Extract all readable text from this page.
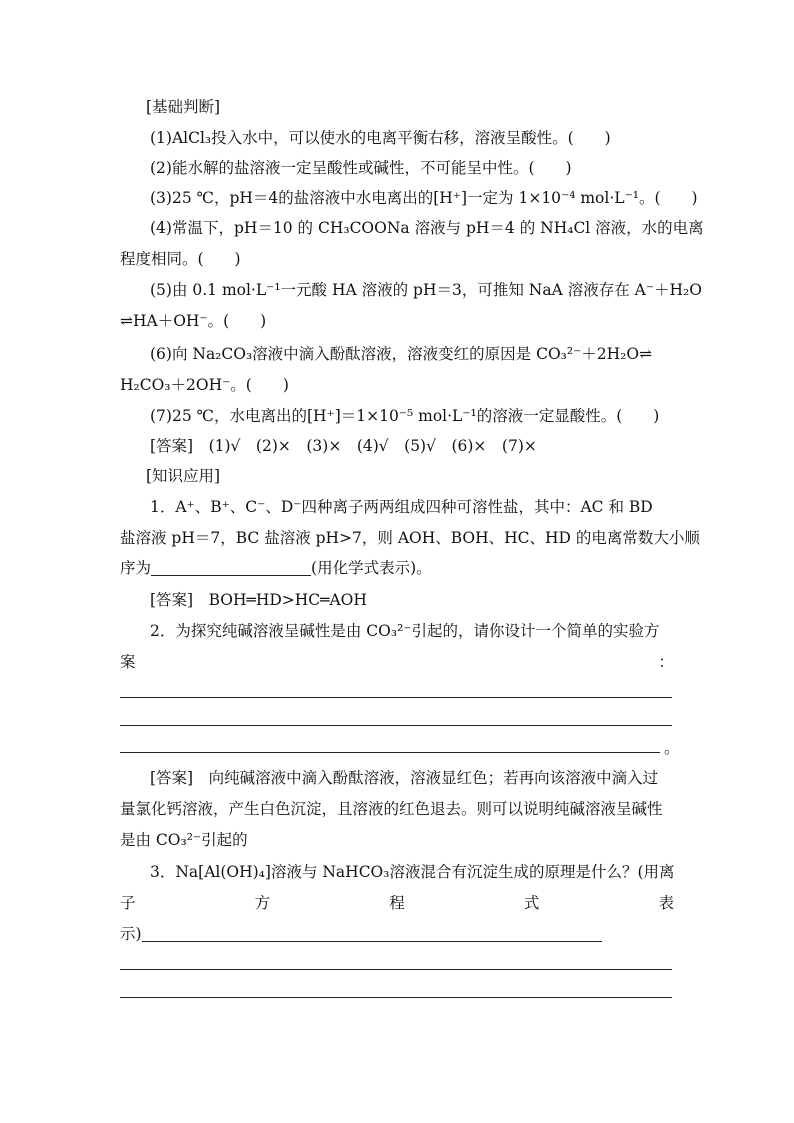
[基础判断]
(1)AlCl₃投入水中，可以使水的电离平衡右移，溶液呈酸性。(　　)
(2)能水解的盐溶液一定呈酸性或碱性，不可能呈中性。(　　)
(3)25 ℃，pH＝4的盐溶液中水电离出的[H⁺]一定为 1×10⁻⁴ mol·L⁻¹。(　　)
(4)常温下，pH＝10 的 CH₃COONa 溶液与 pH＝4 的 NH₄Cl 溶液，水的电离
程度相同。(　　)
(5)由 0.1 mol·L⁻¹一元酸 HA 溶液的 pH＝3，可推知 NaA 溶液存在 A⁻＋H₂O
⇌HA＋OH⁻。(　　)
(6)向 Na₂CO₃溶液中滴入酚酞溶液，溶液变红的原因是 CO₃²⁻＋2H₂O⇌
H₂CO₃＋2OH⁻。(　　)
(7)25 ℃，水电离出的[H⁺]＝1×10⁻⁵ mol·L⁻¹的溶液一定显酸性。(　　)
[答案]　(1)√　(2)×　(3)×　(4)√　(5)√　(6)×　(7)×
[知识应用]
1．A⁺、B⁺、C⁻、D⁻四种离子两两组成四种可溶性盐，其中：AC 和 BD
盐溶液 pH＝7，BC 盐溶液 pH>7，则 AOH、BOH、HC、HD 的电离常数大小顺
序为	(用化学式表示)。
[答案]　BOH═HD>HC═AOH
2．为探究纯碱溶液呈碱性是由 CO₃²⁻引起的，请你设计一个简单的实验方
案	：
。
[答案]　向纯碱溶液中滴入酚酞溶液，溶液显红色；若再向该溶液中滴入过
量氯化钙溶液，产生白色沉淀，且溶液的红色退去。则可以说明纯碱溶液呈碱性
是由 CO₃²⁻引起的
3．Na[Al(OH)₄]溶液与 NaHCO₃溶液混合有沉淀生成的原理是什么？(用离
子	方	程	式	表
示)
